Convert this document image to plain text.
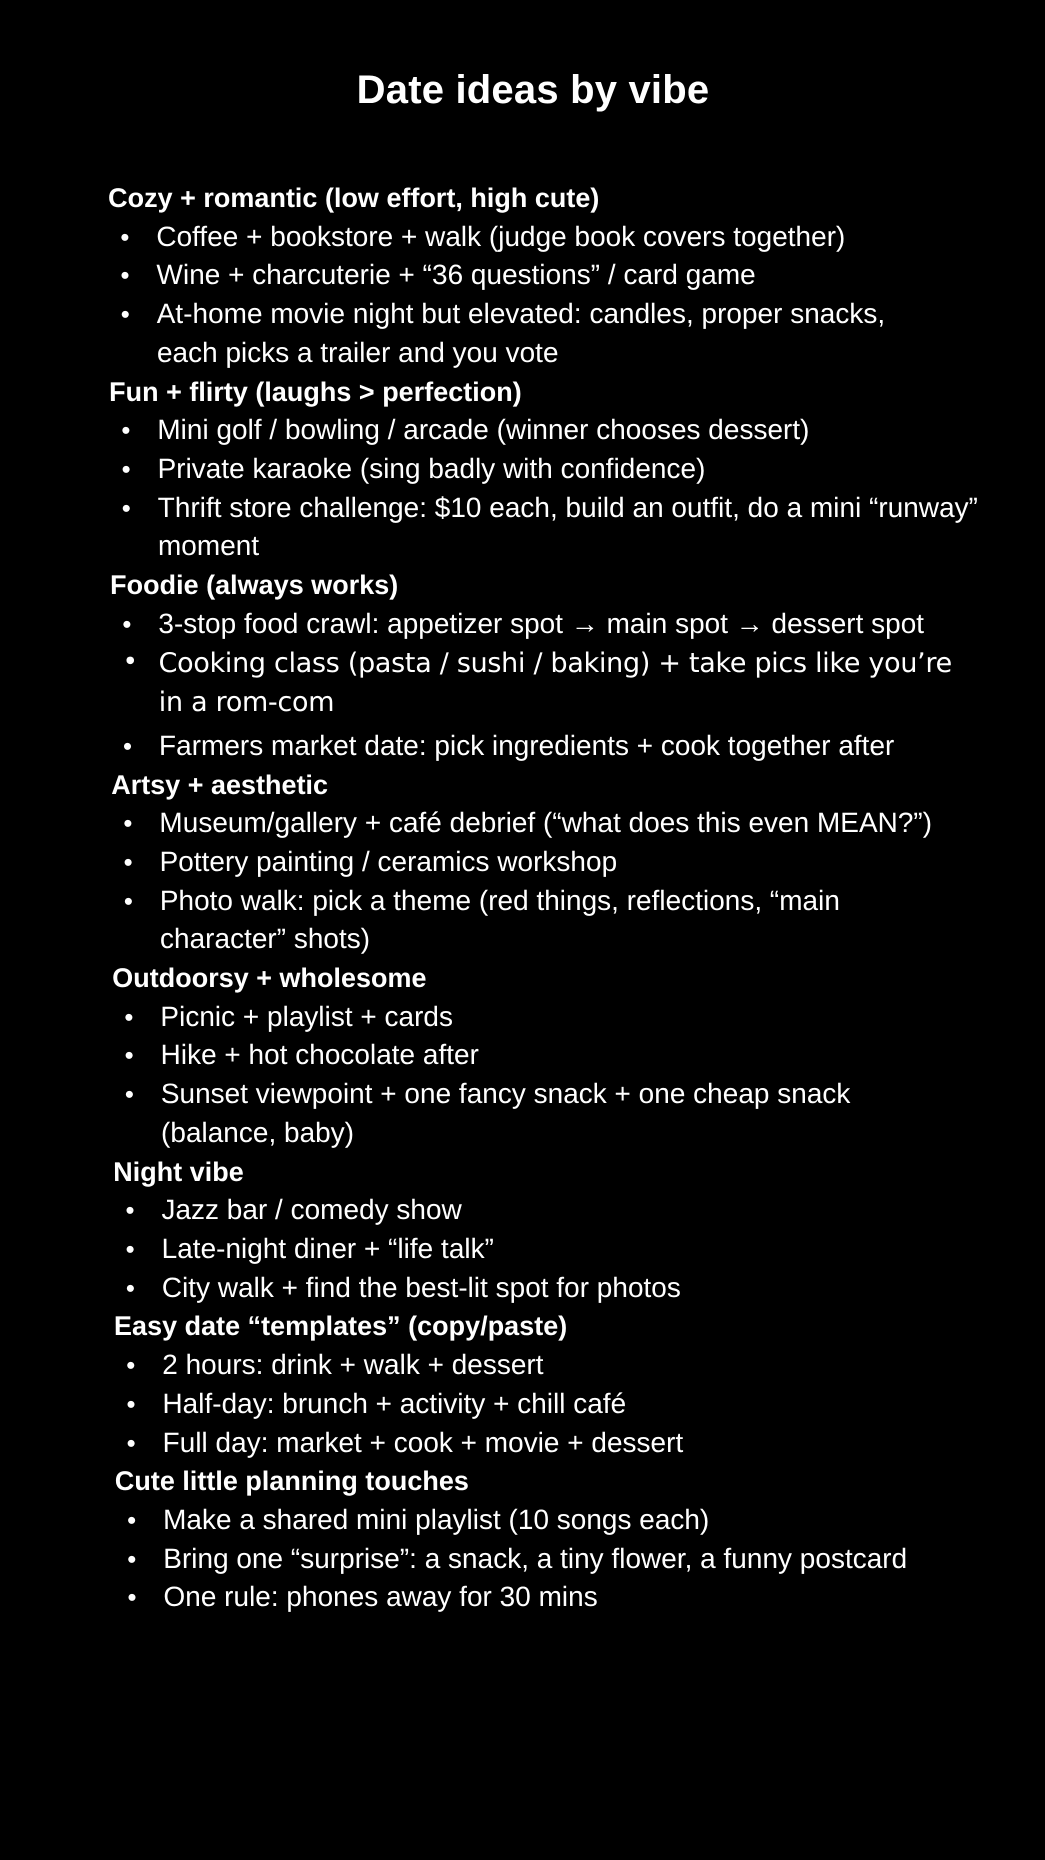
Date ideas by vibe
Cozy + romantic (low effort, high cute)
• Coffee + bookstore + walk (judge book covers together)
• Wine + charcuterie + “36 questions” / card game
• At-home movie night but elevated: candles, proper snacks, each picks a trailer and you vote
Fun + flirty (laughs > perfection)
• Mini golf / bowling / arcade (winner chooses dessert)
• Private karaoke (sing badly with confidence)
• Thrift store challenge: $10 each, build an outfit, do a mini “runway” moment
Foodie (always works)
• 3-stop food crawl: appetizer spot → main spot → dessert spot
• Cooking class (pasta / sushi / baking) + take pics like you’re in a rom-com
• Farmers market date: pick ingredients + cook together after
Artsy + aesthetic
• Museum/gallery + café debrief (“what does this even MEAN?”)
• Pottery painting / ceramics workshop
• Photo walk: pick a theme (red things, reflections, “main character” shots)
Outdoorsy + wholesome
• Picnic + playlist + cards
• Hike + hot chocolate after
• Sunset viewpoint + one fancy snack + one cheap snack (balance, baby)
Night vibe
• Jazz bar / comedy show
• Late-night diner + “life talk”
• City walk + find the best-lit spot for photos
Easy date “templates” (copy/paste)
• 2 hours: drink + walk + dessert
• Half-day: brunch + activity + chill café
• Full day: market + cook + movie + dessert
Cute little planning touches
• Make a shared mini playlist (10 songs each)
• Bring one “surprise”: a snack, a tiny flower, a funny postcard
• One rule: phones away for 30 mins
